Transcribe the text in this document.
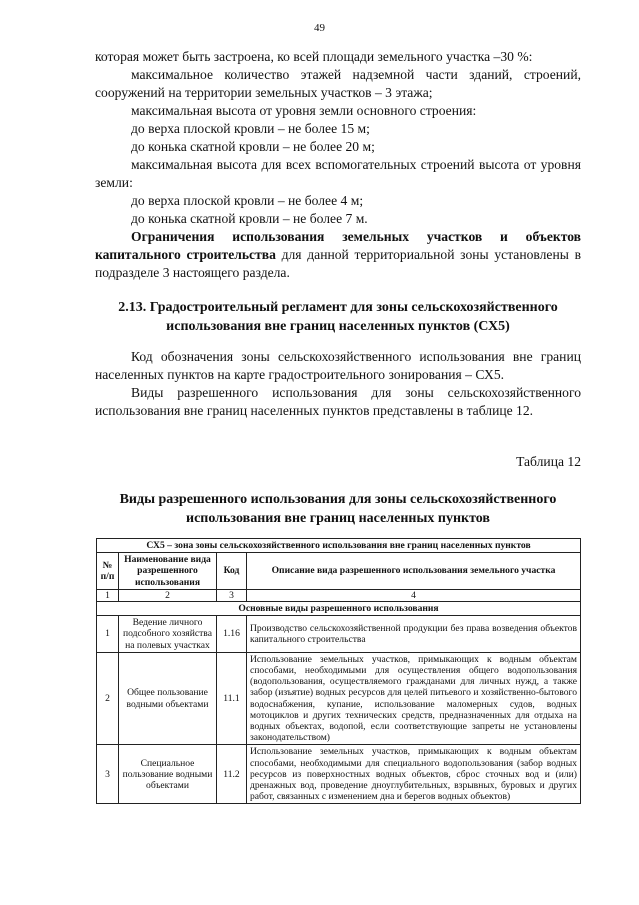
49

которая может быть застроена, ко всей площади земельного участка –30 %:

максимальное количество этажей надземной части зданий, строений, сооружений на территории земельных участков – 3 этажа;

максимальная высота от уровня земли основного строения:

до верха плоской кровли – не более 15 м;

до конька скатной кровли – не более 20 м;

максимальная высота для всех вспомогательных строений высота от уровня земли:

до верха плоской кровли – не более 4 м;

до конька скатной кровли – не более 7 м.

Ограничения использования земельных участков и объектов капитального строительства для данной территориальной зоны установлены в подразделе 3 настоящего раздела.

2.13. Градостроительный регламент для зоны сельскохозяйственного использования вне границ населенных пунктов (СХ5)

Код обозначения зоны сельскохозяйственного использования вне границ населенных пунктов на карте градостроительного зонирования – СХ5.

Виды разрешенного использования для зоны сельскохозяйственного использования вне границ населенных пунктов представлены в таблице 12.

Таблица 12
Виды разрешенного использования для зоны сельскохозяйственного использования вне границ населенных пунктов
СХ5 – зона зоны сельскохозяйственного использования вне границ населенных пунктов			
№ п/п	Наименование вида разрешенного использования	Код	Описание вида разрешенного использования земельного участка
1	2	3	4
Основные виды разрешенного использования			
1	Ведение личного подсобного хозяйства на полевых участках	1.16	Производство сельскохозяйственной продукции без права возведения объектов капитального строительства
2	Общее пользование водными объектами	11.1	Использование земельных участков, примыкающих к водным объектам способами, необходимыми для осуществления общего водопользования (водопользования, осуществляемого гражданами для личных нужд, а также забор (изъятие) водных ресурсов для целей питьевого и хозяйственно-бытового водоснабжения, купание, использование маломерных судов, водных мотоциклов и других технических средств, предназначенных для отдыха на водных объектах, водопой, если соответствующие запреты не установлены законодательством)
3	Специальное пользование водными объектами	11.2	Использование земельных участков, примыкающих к водным объектам способами, необходимыми для специального водопользования (забор водных ресурсов из поверхностных водных объектов, сброс сточных вод и (или) дренажных вод, проведение дноуглубительных, взрывных, буровых и других работ, связанных с изменением дна и берегов водных объектов)
